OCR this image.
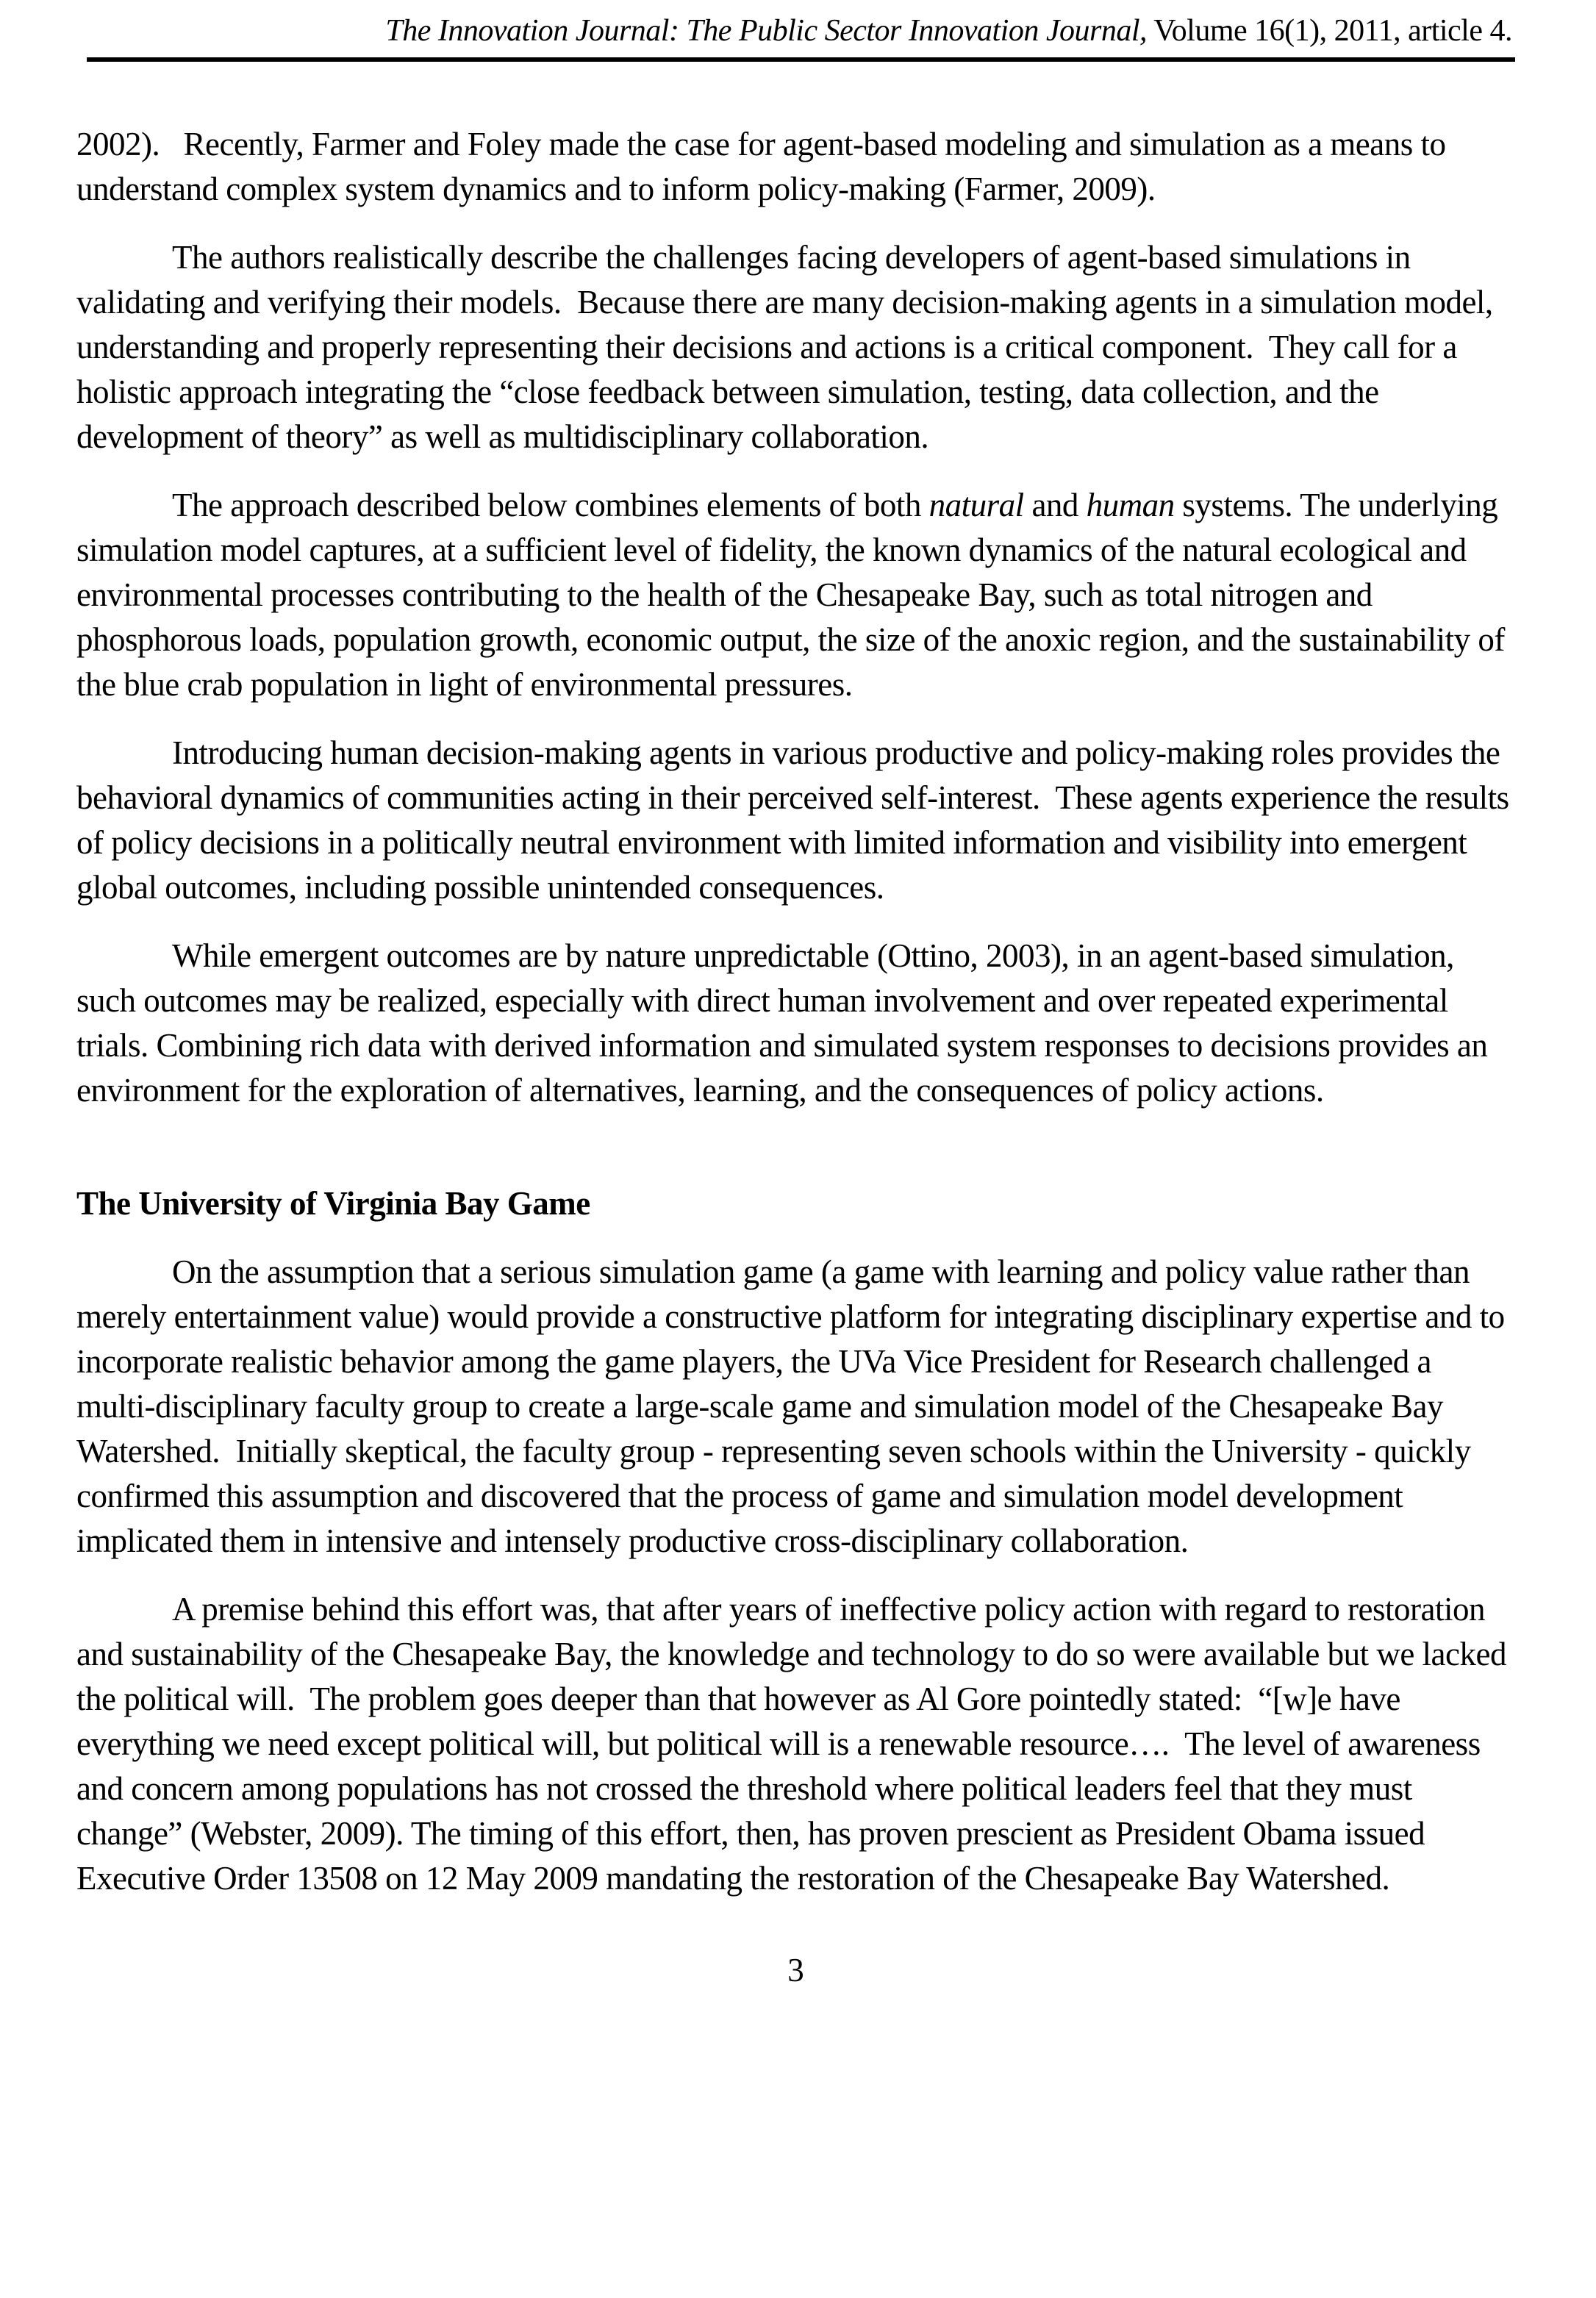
The Innovation Journal: The Public Sector Innovation Journal, Volume 16(1), 2011, article 4.

2002).   Recently, Farmer and Foley made the case for agent-based modeling and simulation as a means to understand complex system dynamics and to inform policy-making (Farmer, 2009).

The authors realistically describe the challenges facing developers of agent-based simulations in validating and verifying their models.  Because there are many decision-making agents in a simulation model, understanding and properly representing their decisions and actions is a critical component.  They call for a holistic approach integrating the “close feedback between simulation, testing, data collection, and the development of theory” as well as multidisciplinary collaboration.

The approach described below combines elements of both natural and human systems. The underlying simulation model captures, at a sufficient level of fidelity, the known dynamics of the natural ecological and environmental processes contributing to the health of the Chesapeake Bay, such as total nitrogen and phosphorous loads, population growth, economic output, the size of the anoxic region, and the sustainability of the blue crab population in light of environmental pressures.

Introducing human decision-making agents in various productive and policy-making roles provides the behavioral dynamics of communities acting in their perceived self-interest.  These agents experience the results of policy decisions in a politically neutral environment with limited information and visibility into emergent global outcomes, including possible unintended consequences.

While emergent outcomes are by nature unpredictable (Ottino, 2003), in an agent-based simulation, such outcomes may be realized, especially with direct human involvement and over repeated experimental trials. Combining rich data with derived information and simulated system responses to decisions provides an environment for the exploration of alternatives, learning, and the consequences of policy actions.

The University of Virginia Bay Game

On the assumption that a serious simulation game (a game with learning and policy value rather than merely entertainment value) would provide a constructive platform for integrating disciplinary expertise and to incorporate realistic behavior among the game players, the UVa Vice President for Research challenged a multi-disciplinary faculty group to create a large-scale game and simulation model of the Chesapeake Bay Watershed.  Initially skeptical, the faculty group - representing seven schools within the University - quickly confirmed this assumption and discovered that the process of game and simulation model development implicated them in intensive and intensely productive cross-disciplinary collaboration.

A premise behind this effort was, that after years of ineffective policy action with regard to restoration and sustainability of the Chesapeake Bay, the knowledge and technology to do so were available but we lacked the political will.  The problem goes deeper than that however as Al Gore pointedly stated:  “[w]e have everything we need except political will, but political will is a renewable resource….  The level of awareness and concern among populations has not crossed the threshold where political leaders feel that they must change” (Webster, 2009). The timing of this effort, then, has proven prescient as President Obama issued Executive Order 13508 on 12 May 2009 mandating the restoration of the Chesapeake Bay Watershed.

3
